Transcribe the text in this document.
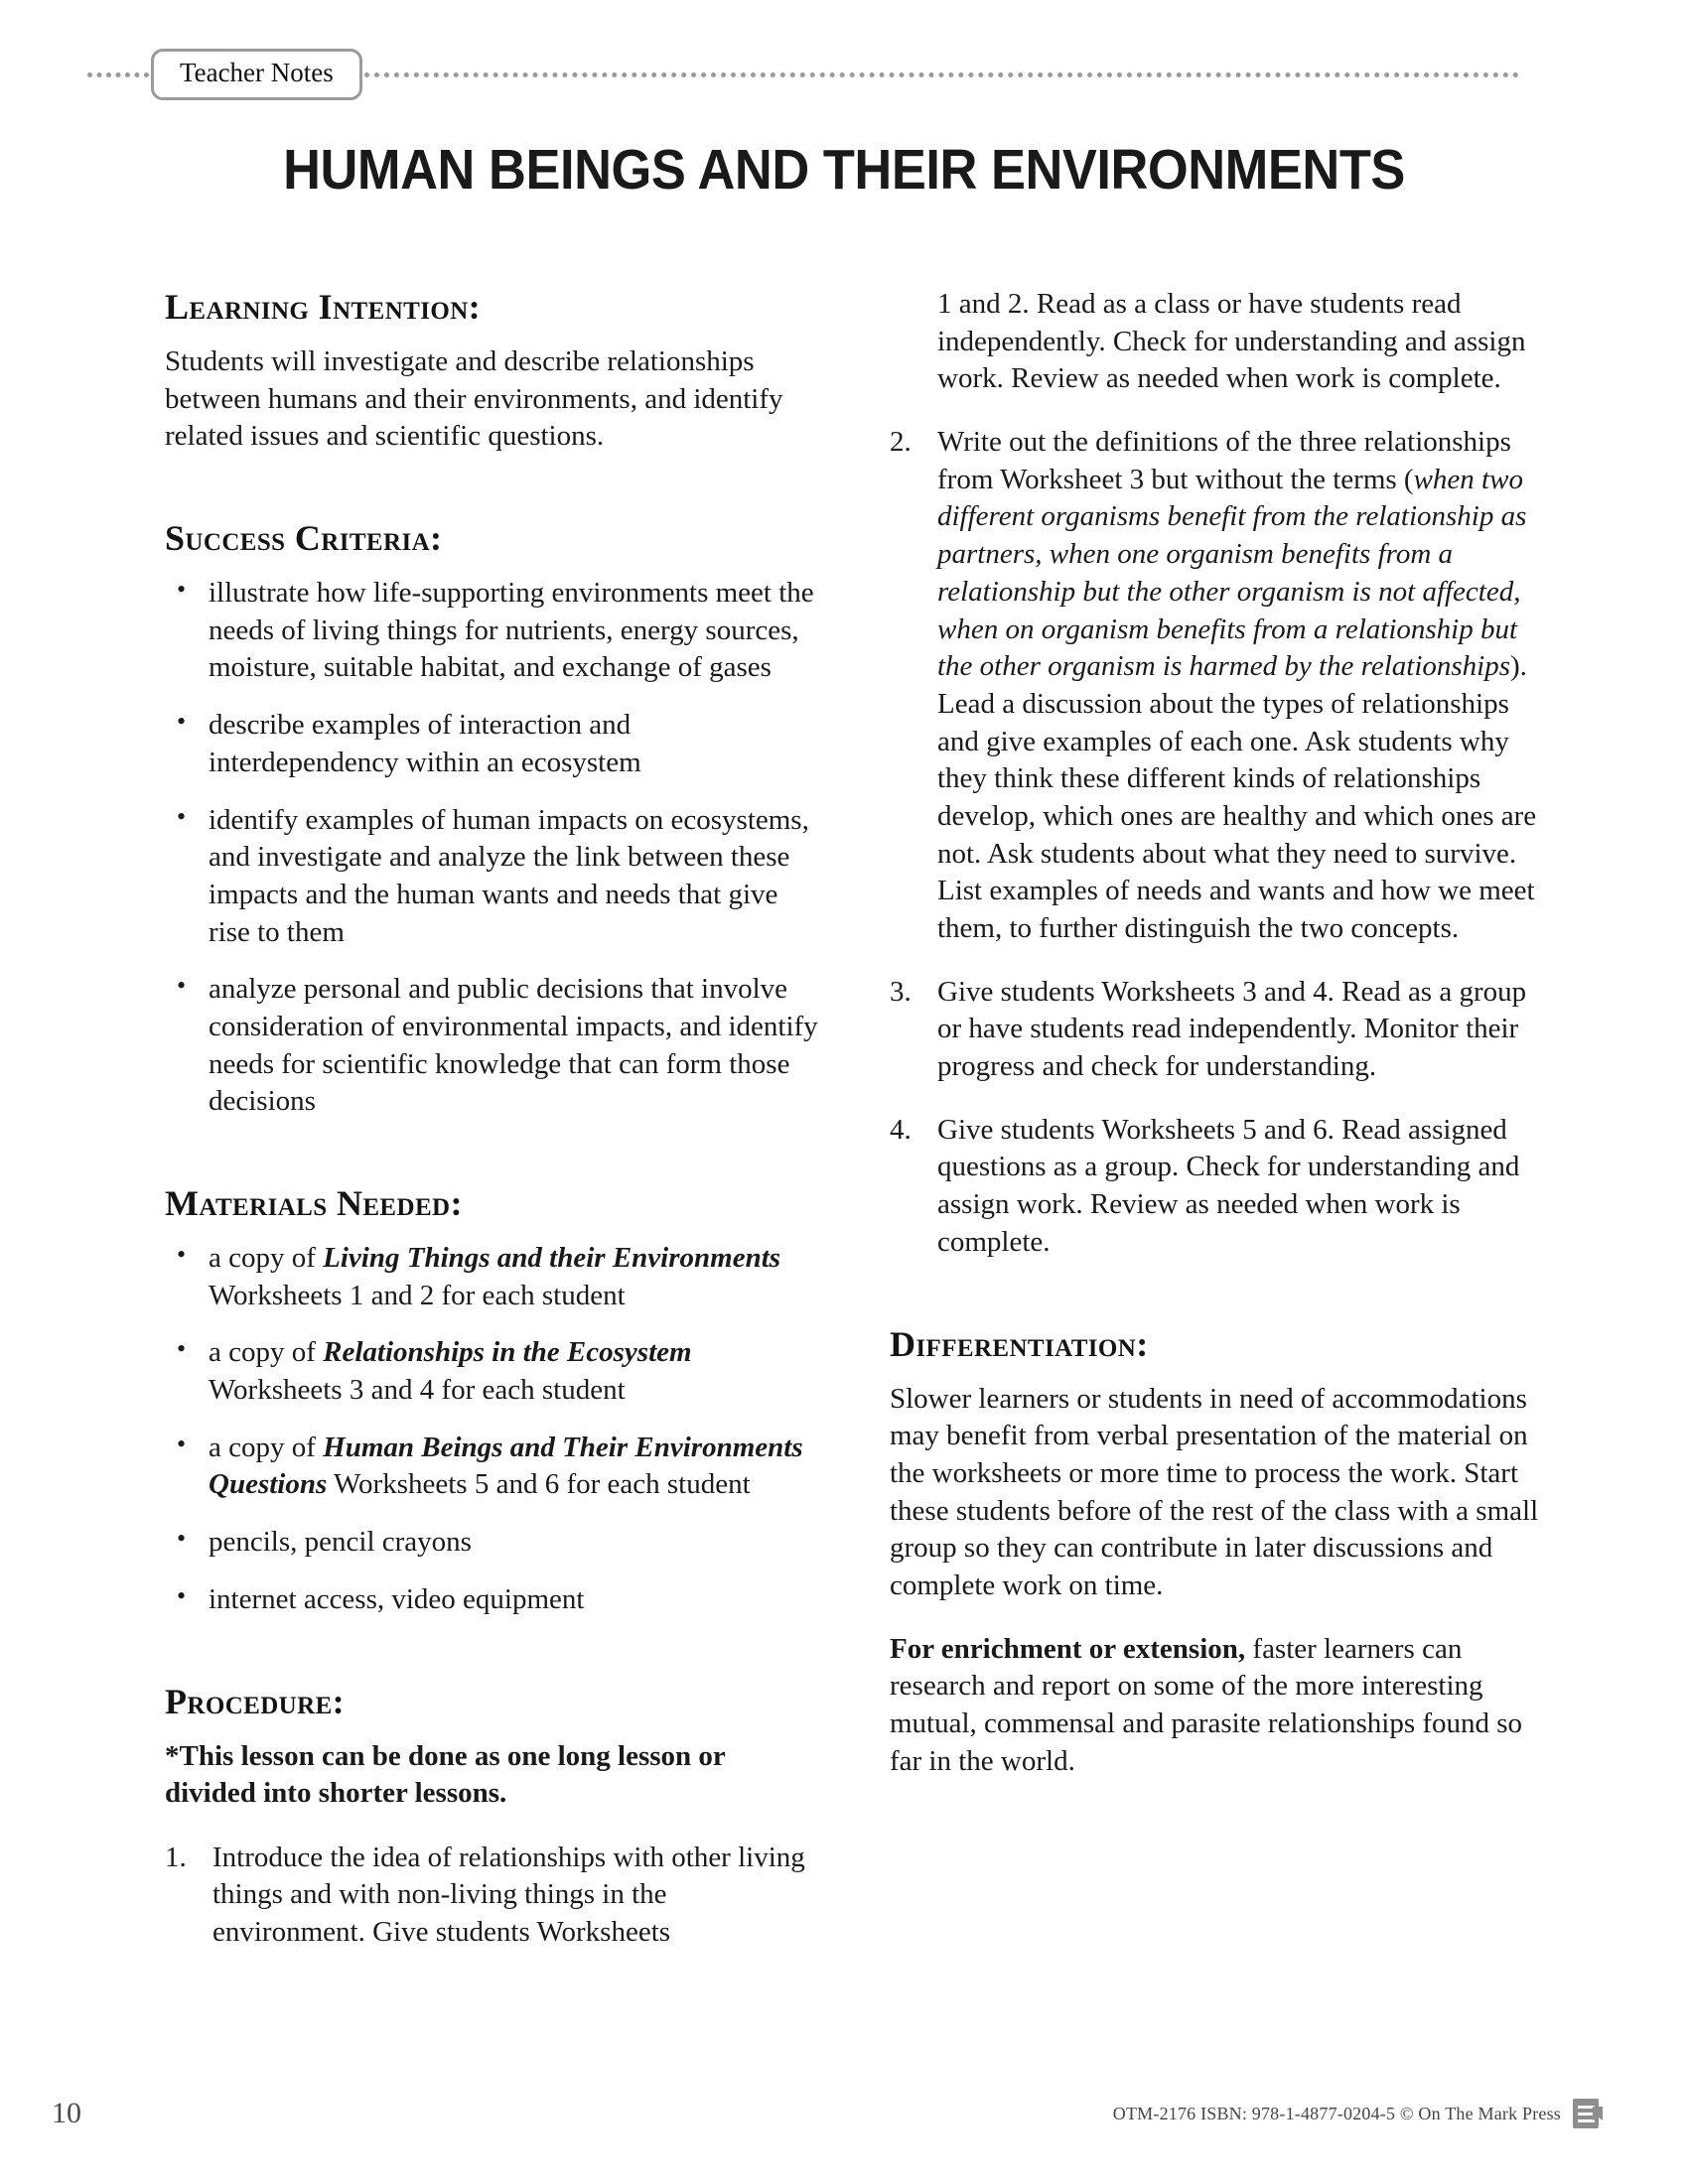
Teacher Notes
HUMAN BEINGS AND THEIR ENVIRONMENTS
Learning Intention:

Students will investigate and describe relationships between humans and their environments, and identify related issues and scientific questions.

Success Criteria:
• illustrate how life-supporting environments meet the needs of living things for nutrients, energy sources, moisture, suitable habitat, and exchange of gases
• describe examples of interaction and interdependency within an ecosystem
• identify examples of human impacts on ecosystems, and investigate and analyze the link between these impacts and the human wants and needs that give rise to them
• analyze personal and public decisions that involve consideration of environmental impacts, and identify needs for scientific knowledge that can form those decisions
Materials Needed:
• a copy of Living Things and their Environments Worksheets 1 and 2 for each student
• a copy of Relationships in the Ecosystem Worksheets 3 and 4 for each student
• a copy of Human Beings and Their Environments Questions Worksheets 5 and 6 for each student
• pencils, pencil crayons
• internet access, video equipment
Procedure:

*This lesson can be done as one long lesson or divided into shorter lessons.

1. Introduce the idea of relationships with other living things and with non-living things in the environment. Give students Worksheets

1 and 2. Read as a class or have students read independently. Check for understanding and assign work. Review as needed when work is complete.

2. Write out the definitions of the three relationships from Worksheet 3 but without the terms (when two different organisms benefit from the relationship as partners, when one organism benefits from a relationship but the other organism is not affected, when on organism benefits from a relationship but the other organism is harmed by the relationships). Lead a discussion about the types of relationships and give examples of each one. Ask students why they think these different kinds of relationships develop, which ones are healthy and which ones are not. Ask students about what they need to survive. List examples of needs and wants and how we meet them, to further distinguish the two concepts.
3. Give students Worksheets 3 and 4. Read as a group or have students read independently. Monitor their progress and check for understanding.
4. Give students Worksheets 5 and 6. Read assigned questions as a group. Check for understanding and assign work. Review as needed when work is complete.
Differentiation:

Slower learners or students in need of accommodations may benefit from verbal presentation of the material on the worksheets or more time to process the work. Start these students before of the rest of the class with a small group so they can contribute in later discussions and complete work on time.

For enrichment or extension, faster learners can research and report on some of the more interesting mutual, commensal and parasite relationships found so far in the world.

10	OTM-2176 ISBN: 978-1-4877-0204-5 © On The Mark Press
